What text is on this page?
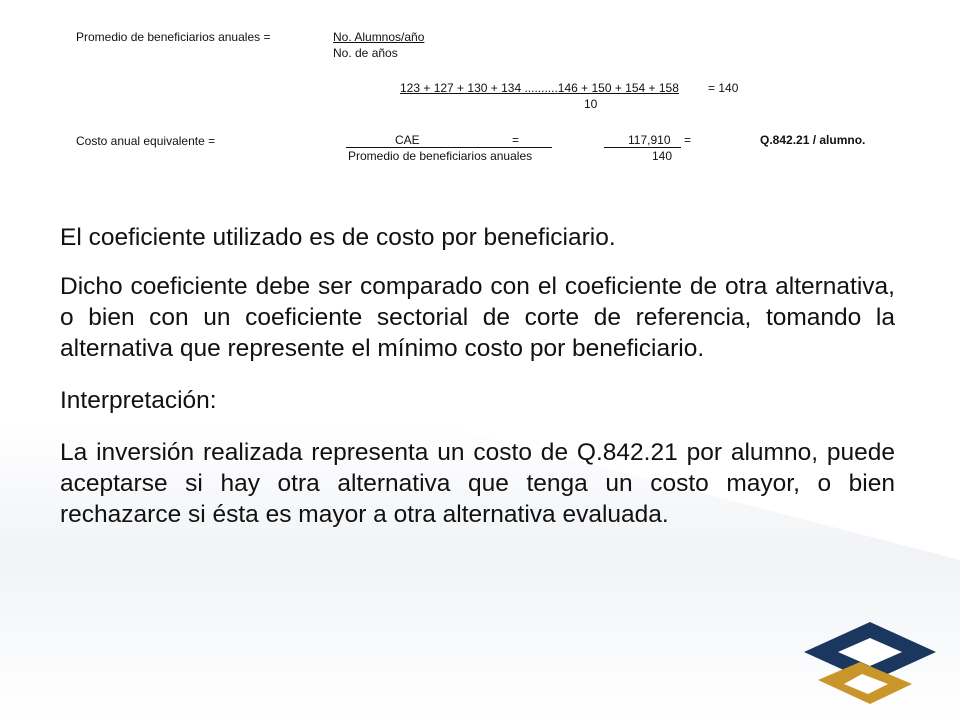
Promedio de beneficiarios anuales =	No. Alumnos/año
No. de años
123 + 127 + 130 + 134 ..........146 + 150 + 154 + 158 = 140
10
Costo anual equivalente =	CAE	=
Promedio de beneficiarios anuales
117,910 =
140
Q.842.21 / alumno.

El coeficiente utilizado es de costo por beneficiario.

Dicho coeficiente debe ser comparado con el coeficiente de otra alternativa, o bien con un coeficiente sectorial de corte de referencia, tomando la alternativa que represente el mínimo costo por beneficiario.

Interpretación:

La inversión realizada representa un costo de Q.842.21 por alumno, puede aceptarse si hay otra alternativa que tenga un costo mayor, o bien rechazarce si ésta es mayor a otra alternativa evaluada.
